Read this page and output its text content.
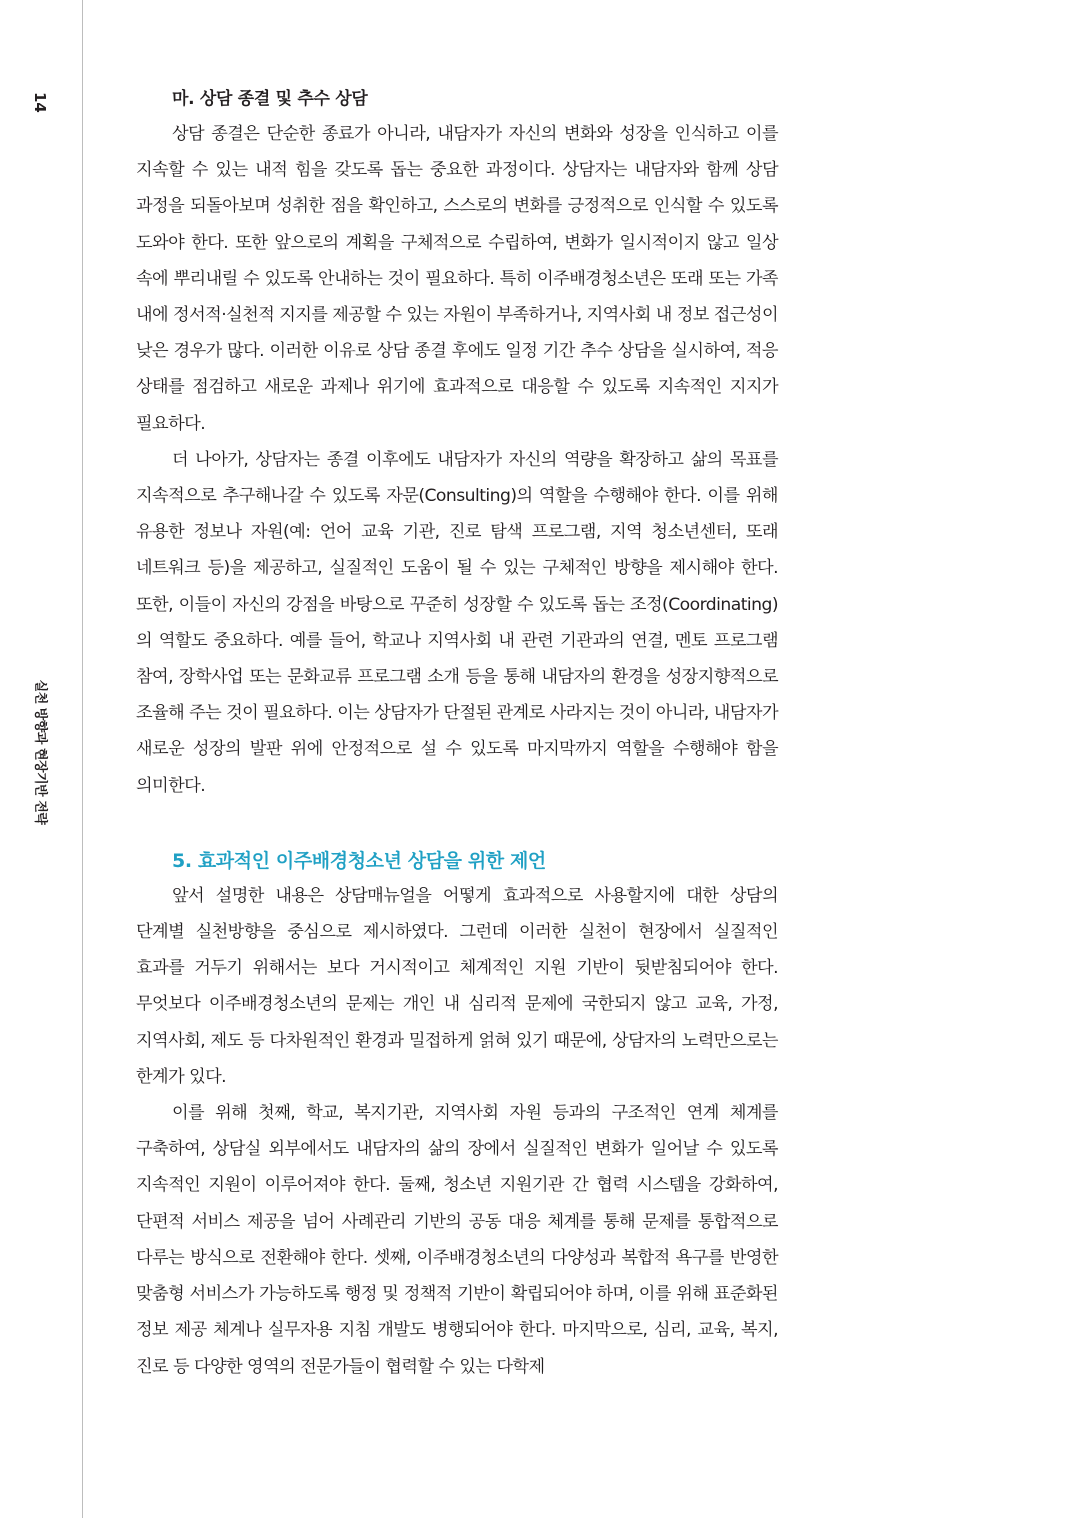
14
실천 방향과 현장기반 전략
마. 상담 종결 및 추수 상담

상담 종결은 단순한 종료가 아니라, 내담자가 자신의 변화와 성장을 인식하고 이를 지속할 수 있는 내적 힘을 갖도록 돕는 중요한 과정이다. 상담자는 내담자와 함께 상담 과정을 되돌아보며 성취한 점을 확인하고, 스스로의 변화를 긍정적으로 인식할 수 있도록 도와야 한다. 또한 앞으로의 계획을 구체적으로 수립하여, 변화가 일시적이지 않고 일상 속에 뿌리내릴 수 있도록 안내하는 것이 필요하다. 특히 이주배경청소년은 또래 또는 가족 내에 정서적·실천적 지지를 제공할 수 있는 자원이 부족하거나, 지역사회 내 정보 접근성이 낮은 경우가 많다. 이러한 이유로 상담 종결 후에도 일정 기간 추수 상담을 실시하여, 적응 상태를 점검하고 새로운 과제나 위기에 효과적으로 대응할 수 있도록 지속적인 지지가 필요하다.

더 나아가, 상담자는 종결 이후에도 내담자가 자신의 역량을 확장하고 삶의 목표를 지속적으로 추구해나갈 수 있도록 자문(Consulting)의 역할을 수행해야 한다. 이를 위해 유용한 정보나 자원(예: 언어 교육 기관, 진로 탐색 프로그램, 지역 청소년센터, 또래 네트워크 등)을 제공하고, 실질적인 도움이 될 수 있는 구체적인 방향을 제시해야 한다. 또한, 이들이 자신의 강점을 바탕으로 꾸준히 성장할 수 있도록 돕는 조정(Coordinating)의 역할도 중요하다. 예를 들어, 학교나 지역사회 내 관련 기관과의 연결, 멘토 프로그램 참여, 장학사업 또는 문화교류 프로그램 소개 등을 통해 내담자의 환경을 성장지향적으로 조율해 주는 것이 필요하다. 이는 상담자가 단절된 관계로 사라지는 것이 아니라, 내담자가 새로운 성장의 발판 위에 안정적으로 설 수 있도록 마지막까지 역할을 수행해야 함을 의미한다.

5. 효과적인 이주배경청소년 상담을 위한 제언

앞서 설명한 내용은 상담매뉴얼을 어떻게 효과적으로 사용할지에 대한 상담의 단계별 실천방향을 중심으로 제시하였다. 그런데 이러한 실천이 현장에서 실질적인 효과를 거두기 위해서는 보다 거시적이고 체계적인 지원 기반이 뒷받침되어야 한다. 무엇보다 이주배경청소년의 문제는 개인 내 심리적 문제에 국한되지 않고 교육, 가정, 지역사회, 제도 등 다차원적인 환경과 밀접하게 얽혀 있기 때문에, 상담자의 노력만으로는 한계가 있다.

이를 위해 첫째, 학교, 복지기관, 지역사회 자원 등과의 구조적인 연계 체계를 구축하여, 상담실 외부에서도 내담자의 삶의 장에서 실질적인 변화가 일어날 수 있도록 지속적인 지원이 이루어져야 한다. 둘째, 청소년 지원기관 간 협력 시스템을 강화하여, 단편적 서비스 제공을 넘어 사례관리 기반의 공동 대응 체계를 통해 문제를 통합적으로 다루는 방식으로 전환해야 한다. 셋째, 이주배경청소년의 다양성과 복합적 욕구를 반영한 맞춤형 서비스가 가능하도록 행정 및 정책적 기반이 확립되어야 하며, 이를 위해 표준화된 정보 제공 체계나 실무자용 지침 개발도 병행되어야 한다. 마지막으로, 심리, 교육, 복지, 진로 등 다양한 영역의 전문가들이 협력할 수 있는 다학제
